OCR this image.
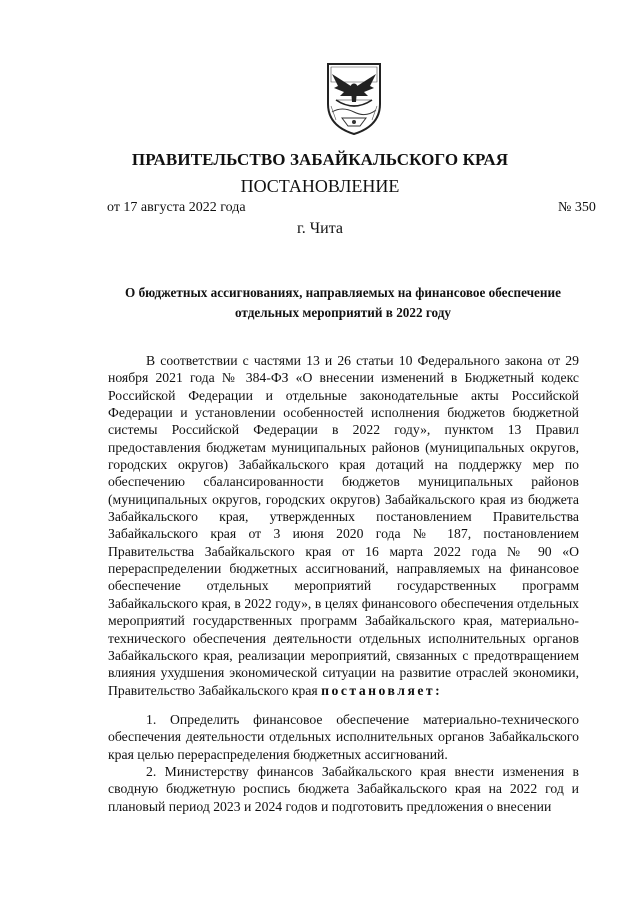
ПРАВИТЕЛЬСТВО ЗАБАЙКАЛЬСКОГО КРАЯ
ПОСТАНОВЛЕНИЕ
от 17 августа 2022 года	№ 350
г. Чита
О бюджетных ассигнованиях, направляемых на финансовое обеспечение отдельных мероприятий в 2022 году

В соответствии с частями 13 и 26 статьи 10 Федерального закона от 29 ноября 2021 года № 384-ФЗ «О внесении изменений в Бюджетный кодекс Российской Федерации и отдельные законодательные акты Российской Федерации и установлении особенностей исполнения бюджетов бюджетной системы Российской Федерации в 2022 году», пунктом 13 Правил предоставления бюджетам муниципальных районов (муниципальных округов, городских округов) Забайкальского края дотаций на поддержку мер по обеспечению сбалансированности бюджетов муниципальных районов (муниципальных округов, городских округов) Забайкальского края из бюджета Забайкальского края, утвержденных постановлением Правительства Забайкальского края от 3 июня 2020 года № 187, постановлением Правительства Забайкальского края от 16 марта 2022 года № 90 «О перераспределении бюджетных ассигнований, направляемых на финансовое обеспечение отдельных мероприятий государственных программ Забайкальского края, в 2022 году», в целях финансового обеспечения отдельных мероприятий государственных программ Забайкальского края, материально-технического обеспечения деятельности отдельных исполнительных органов Забайкальского края, реализации мероприятий, связанных с предотвращением влияния ухудшения экономической ситуации на развитие отраслей экономики, Правительство Забайкальского края постановляет:

1. Определить финансовое обеспечение материально-технического обеспечения деятельности отдельных исполнительных органов Забайкальского края целью перераспределения бюджетных ассигнований.

2. Министерству финансов Забайкальского края внести изменения в сводную бюджетную роспись бюджета Забайкальского края на 2022 год и плановый период 2023 и 2024 годов и подготовить предложения о внесении
